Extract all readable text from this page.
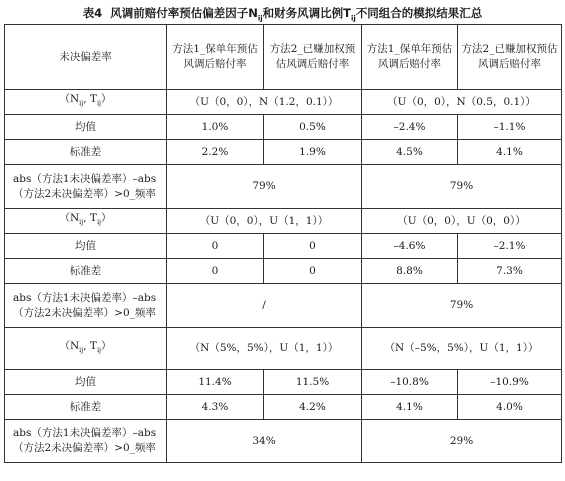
表4 风调前赔付率预估偏差因子$N_{ij}$和财务风调比例$T_{ij}$不同组合的模拟结果汇总
未决偏差率	方法1_保单年预估风调后赔付率	方法2_已赚加权预估风调后赔付率	方法1_保单年预估风调后赔付率	方法2_已赚加权预估风调后赔付率
（$N_{ij}$, $T_{ij}$）	（U（0，0），N（1.2，0.1））		（U（0，0），N（0.5，0.1））	
均值	1.0%	0.5%	–2.4%	–1.1%
标准差	2.2%	1.9%	4.5%	4.1%
abs（方法1未决偏差率）–abs
（方法2未决偏差率）>0_频率	79%		79%	
（$N_{ij}$, $T_{ij}$）	（U（0，0），U（1，1））		（U（0，0），U（0，0））	
均值	0	0	–4.6%	–2.1%
标准差	0	0	8.8%	7.3%
abs（方法1未决偏差率）–abs
（方法2未决偏差率）>0_频率	/		79%	
（$N_{ij}$, $T_{ij}$）	（N（5%，5%），U（1，1））		（N（–5%，5%），U（1，1））	
均值	11.4%	11.5%	–10.8%	–10.9%
标准差	4.3%	4.2%	4.1%	4.0%
abs（方法1未决偏差率）–abs
（方法2未决偏差率）>0_频率	34%		29%	
